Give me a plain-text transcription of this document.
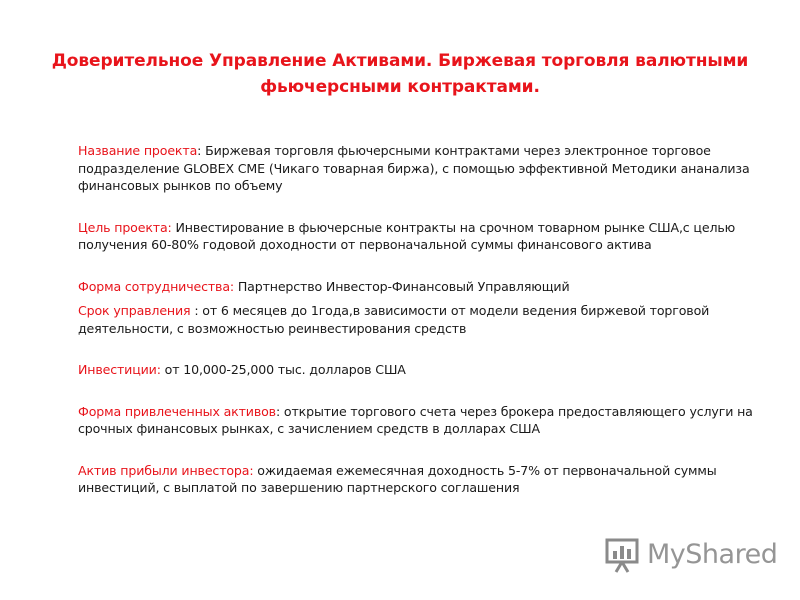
Доверительное Управление Активами. Биржевая торговля валютными фьючерсными контрактами.

Название проекта: Биржевая торговля фьючерсными контрактами через электронное торговое подразделение GLOBEX CME (Чикаго товарная биржа), с помощью эффективной Методики ананализа финансовых рынков по объему

Цель проекта: Инвестирование в фьючерсные контракты на срочном товарном рынке США,с целью получения 60-80% годовой доходности от первоначальной суммы финансового актива

Форма сотрудничества: Партнерство Инвестор-Финансовый Управляющий

Срок управления : от 6 месяцев до 1года,в зависимости от модели ведения биржевой торговой деятельности, с возможностью реинвестирования средств

Инвестиции: от 10,000-25,000 тыс. долларов США

Форма привлеченных активов: открытие торгового счета через брокера предоставляющего услуги на срочных финансовых рынках, с зачислением средств в долларах США

Актив прибыли инвестора: ожидаемая ежемесячная доходность 5-7% от первоначальной суммы инвестиций, с выплатой по завершению партнерского соглашения

MyShared
